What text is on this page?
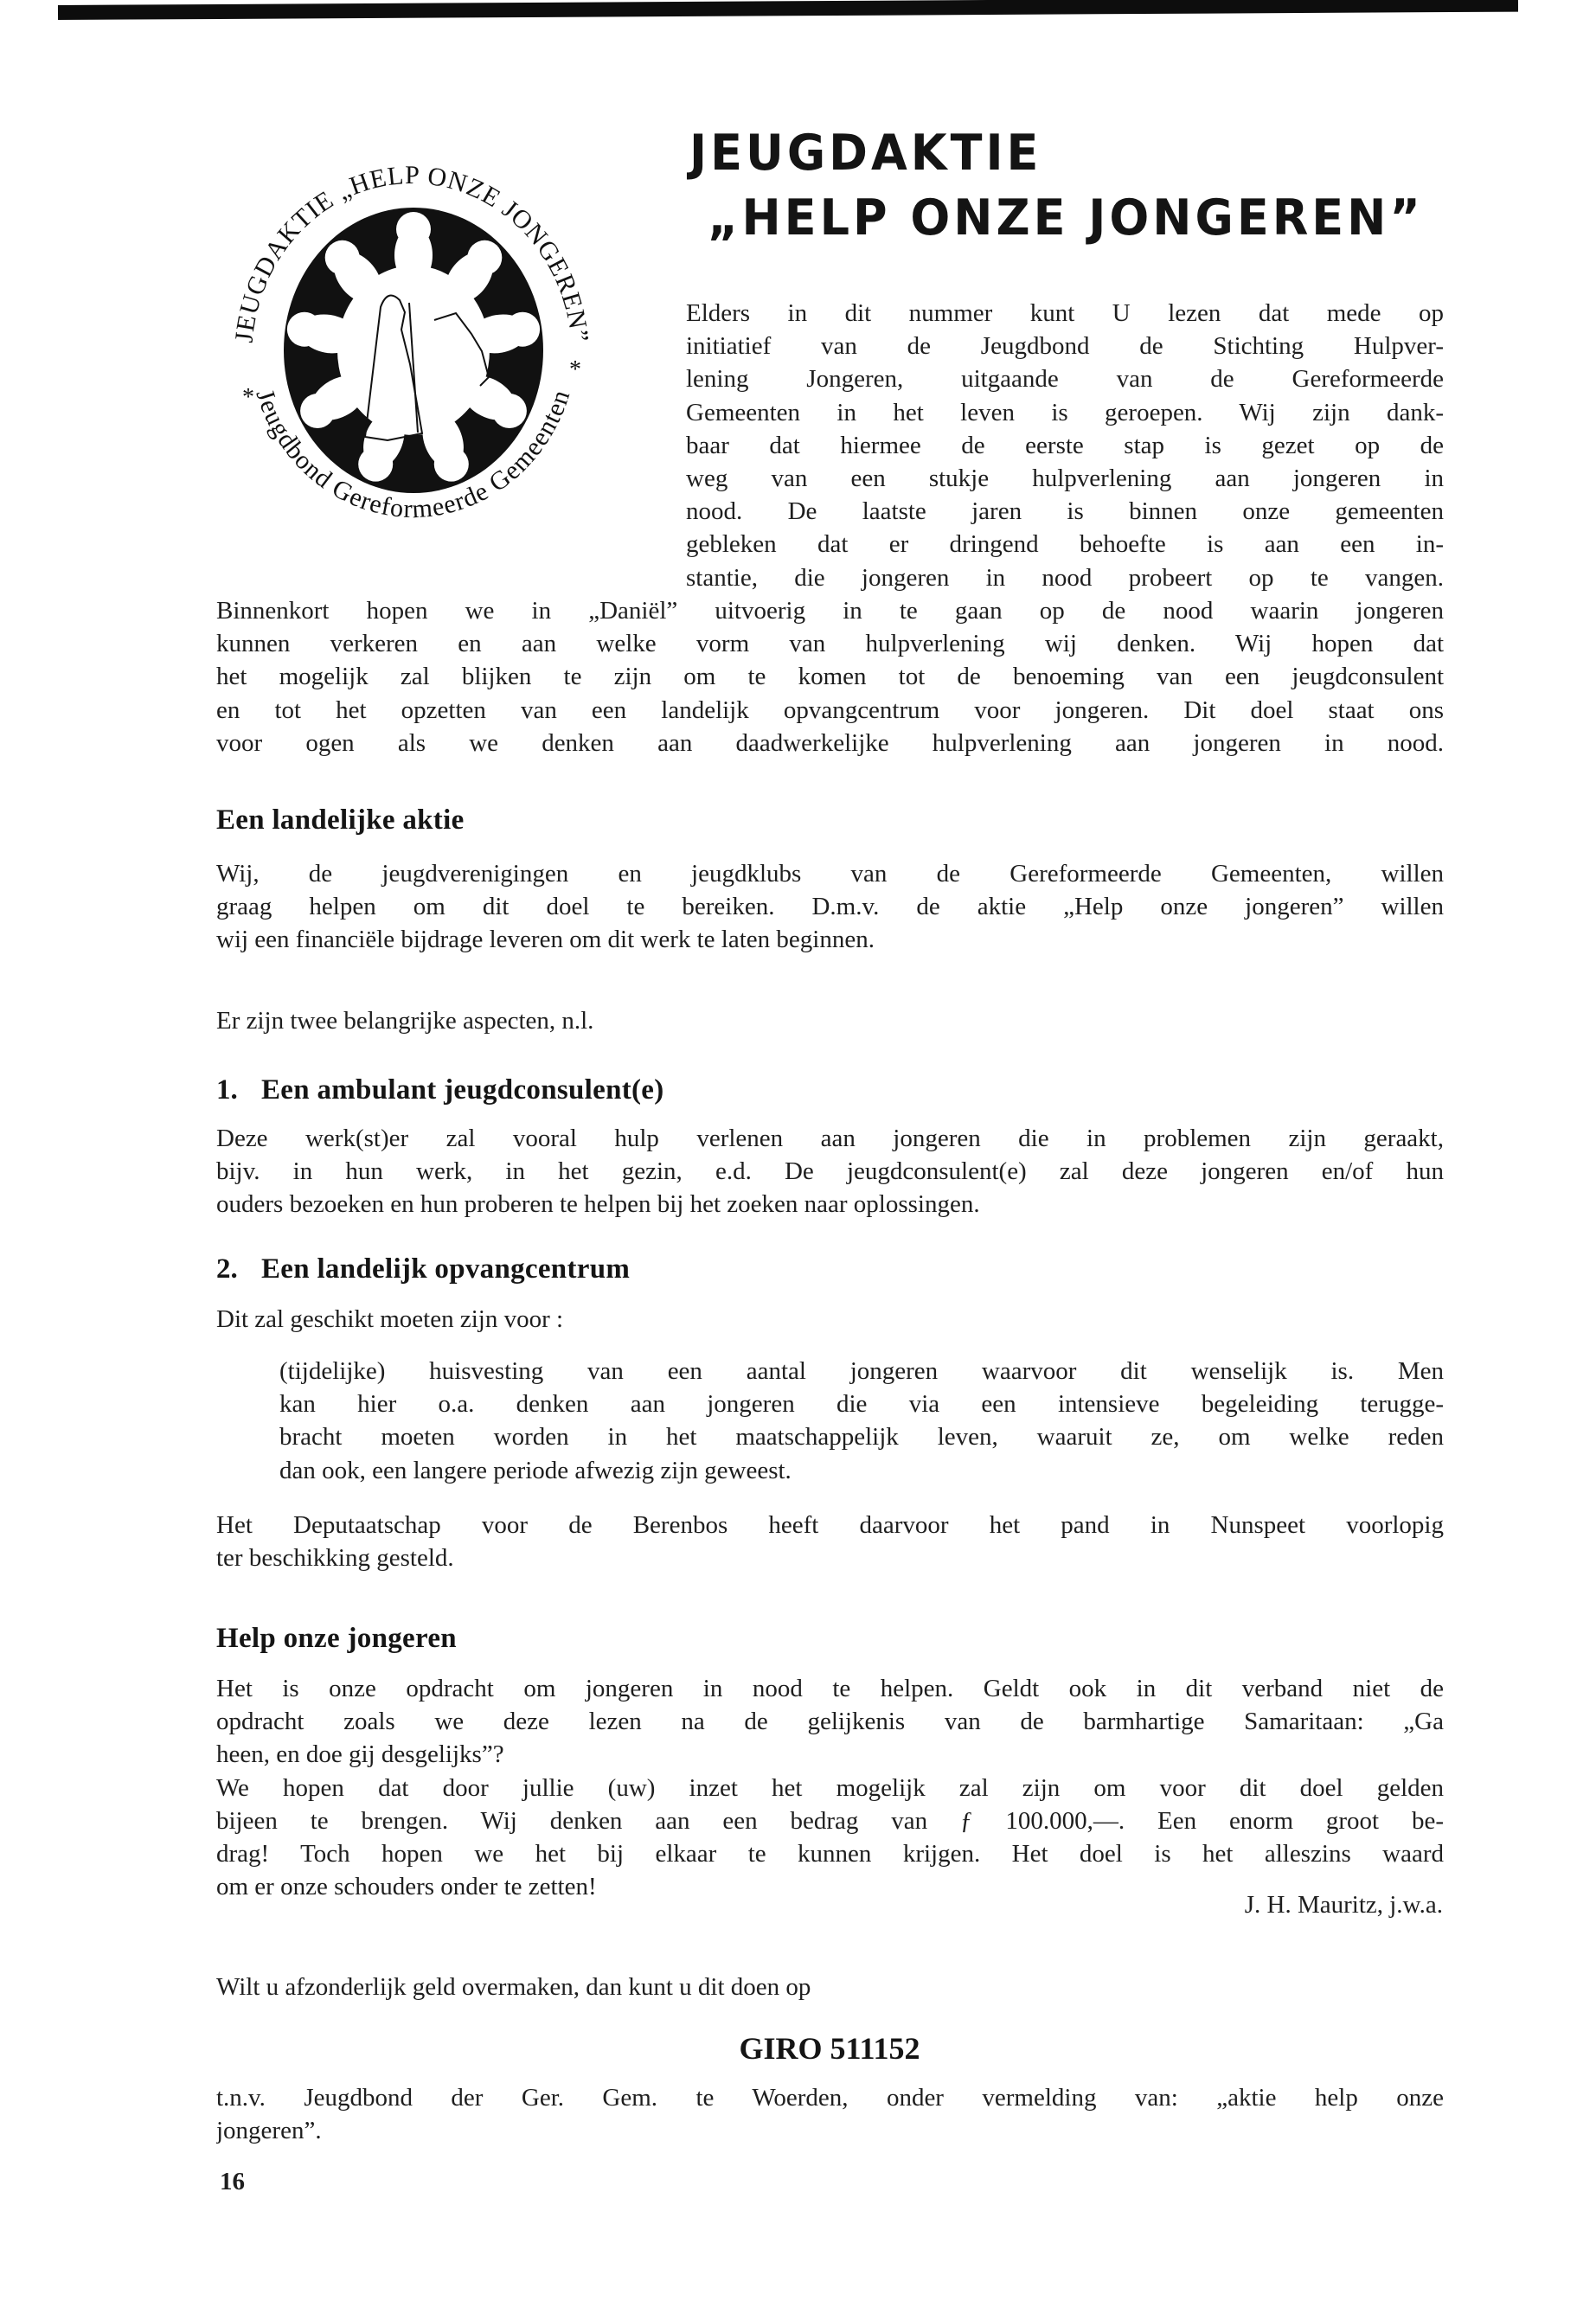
JEUGDAKTIE „HELP ONZE JONGEREN”
Jeugdbond Gereformeerde Gemeenten
*
*
JEUGDAKTIE
„HELP ONZE JONGEREN”
Elders in dit nummer kunt U lezen dat mede op
initiatief van de Jeugdbond de Stichting Hulpver-
lening Jongeren, uitgaande van de Gereformeerde
Gemeenten in het leven is geroepen. Wij zijn dank-
baar dat hiermee de eerste stap is gezet op de
weg van een stukje hulpverlening aan jongeren in
nood. De laatste jaren is binnen onze gemeenten
gebleken dat er dringend behoefte is aan een in-
stantie, die jongeren in nood probeert op te vangen.
Binnenkort hopen we in „Daniël” uitvoerig in te gaan op de nood waarin jongeren
kunnen verkeren en aan welke vorm van hulpverlening wij denken. Wij hopen dat
het mogelijk zal blijken te zijn om te komen tot de benoeming van een jeugdconsulent
en tot het opzetten van een landelijk opvangcentrum voor jongeren. Dit doel staat ons
voor ogen als we denken aan daadwerkelijke hulpverlening aan jongeren in nood.
Een landelijke aktie
Wij, de jeugdverenigingen en jeugdklubs van de Gereformeerde Gemeenten, willen
graag helpen om dit doel te bereiken. D.m.v. de aktie „Help onze jongeren” willen
wij een financiële bijdrage leveren om dit werk te laten beginnen.
Er zijn twee belangrijke aspecten, n.l.
1. Een ambulant jeugdconsulent(e)
Deze werk(st)er zal vooral hulp verlenen aan jongeren die in problemen zijn geraakt,
bijv. in hun werk, in het gezin, e.d. De jeugdconsulent(e) zal deze jongeren en/of hun
ouders bezoeken en hun proberen te helpen bij het zoeken naar oplossingen.
2. Een landelijk opvangcentrum
Dit zal geschikt moeten zijn voor :
(tijdelijke) huisvesting van een aantal jongeren waarvoor dit wenselijk is. Men
kan hier o.a. denken aan jongeren die via een intensieve begeleiding terugge-
bracht moeten worden in het maatschappelijk leven, waaruit ze, om welke reden
dan ook, een langere periode afwezig zijn geweest.
Het Deputaatschap voor de Berenbos heeft daarvoor het pand in Nunspeet voorlopig
ter beschikking gesteld.
Help onze jongeren
Het is onze opdracht om jongeren in nood te helpen. Geldt ook in dit verband niet de
opdracht zoals we deze lezen na de gelijkenis van de barmhartige Samaritaan: „Ga
heen, en doe gij desgelijks”?
We hopen dat door jullie (uw) inzet het mogelijk zal zijn om voor dit doel gelden
bijeen te brengen. Wij denken aan een bedrag van ƒ 100.000,—. Een enorm groot be-
drag! Toch hopen we het bij elkaar te kunnen krijgen. Het doel is het alleszins waard
om er onze schouders onder te zetten!
J. H. Mauritz, j.w.a.
Wilt u afzonderlijk geld overmaken, dan kunt u dit doen op
GIRO 511152
t.n.v. Jeugdbond der Ger. Gem. te Woerden, onder vermelding van: „aktie help onze
jongeren”.
16
